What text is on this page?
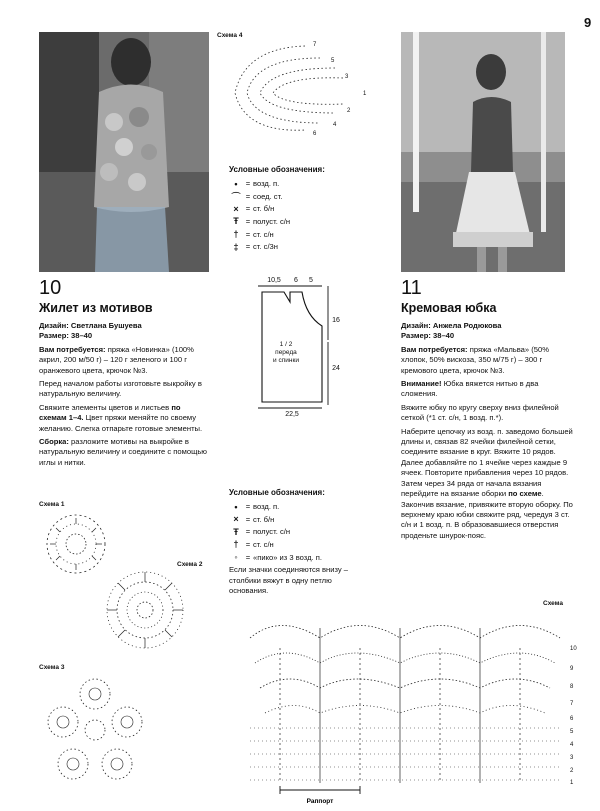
9
Схема 4
7
5
3
1
2
4
6
Условные обозначения:
•	= возд. п.
⌒ = соед. ст.
× = ст. б/н
Ŧ = полуст. с/н
† = ст. с/н
‡ = ст. с/3н
10
Жилет из мотивов
Дизайн: Светлана Бушуева
Размер: 38–40
Вам потребуется: пряжа «Новинка» (100% акрил, 200 м/50 г) – 120 г зеленого и 100 г оранжевого цвета, крючок №3.
Перед началом работы изготовьте выкройку в натуральную величину.
Свяжите элементы цветов и листьев по схемам 1–4. Цвет пряжи меняйте по своему желанию. Слегка отпарьте готовые элементы.
Сборка: разложите мотивы на выкройке в натуральную величину и соедините с помощью иглы и нитки.
10,5 6 5
16
24
22,5
1 / 2
переда
и спинки
11
Кремовая юбка
Дизайн: Анжела Родюкова
Размер: 38–40
Вам потребуется: пряжа «Мальва» (50% хлопок, 50% вискоза, 350 м/75 г) – 300 г кремового цвета, крючок №3.
Внимание! Юбка вяжется нитью в два сложения.
Вяжите юбку по кругу сверху вниз филейной сеткой (*1 ст. с/н, 1 возд. п.*).
Наберите цепочку из возд. п. заведомо большей длины и, связав 82 ячейки филейной сетки, соедините вязание в круг. Вяжите 10 рядов. Далее добавляйте по 1 ячейке через каждые 9 ячеек. Повторите прибавления через 10 рядов. Затем через 34 ряда от начала вязания перейдите на вязание оборки по схеме. Закончив вязание, привяжите вторую оборку. По верхнему краю юбки свяжите ряд, чередуя 3 ст. с/н и 1 возд. п. В образовавшиеся отверстия проденьте шнурок-пояс.
Условные обозначения:
•	= возд. п.
× = ст. б/н
Ŧ = полуст. с/н
† = ст. с/н
◦	= «пико» из 3 возд. п.
Если значки соединяются внизу – столбики вяжут в одну петлю основания.
Схема 1
Схема 2
Схема 3
Схема
Раппорт
10
9
8
7
6
5
4
3
2
1
